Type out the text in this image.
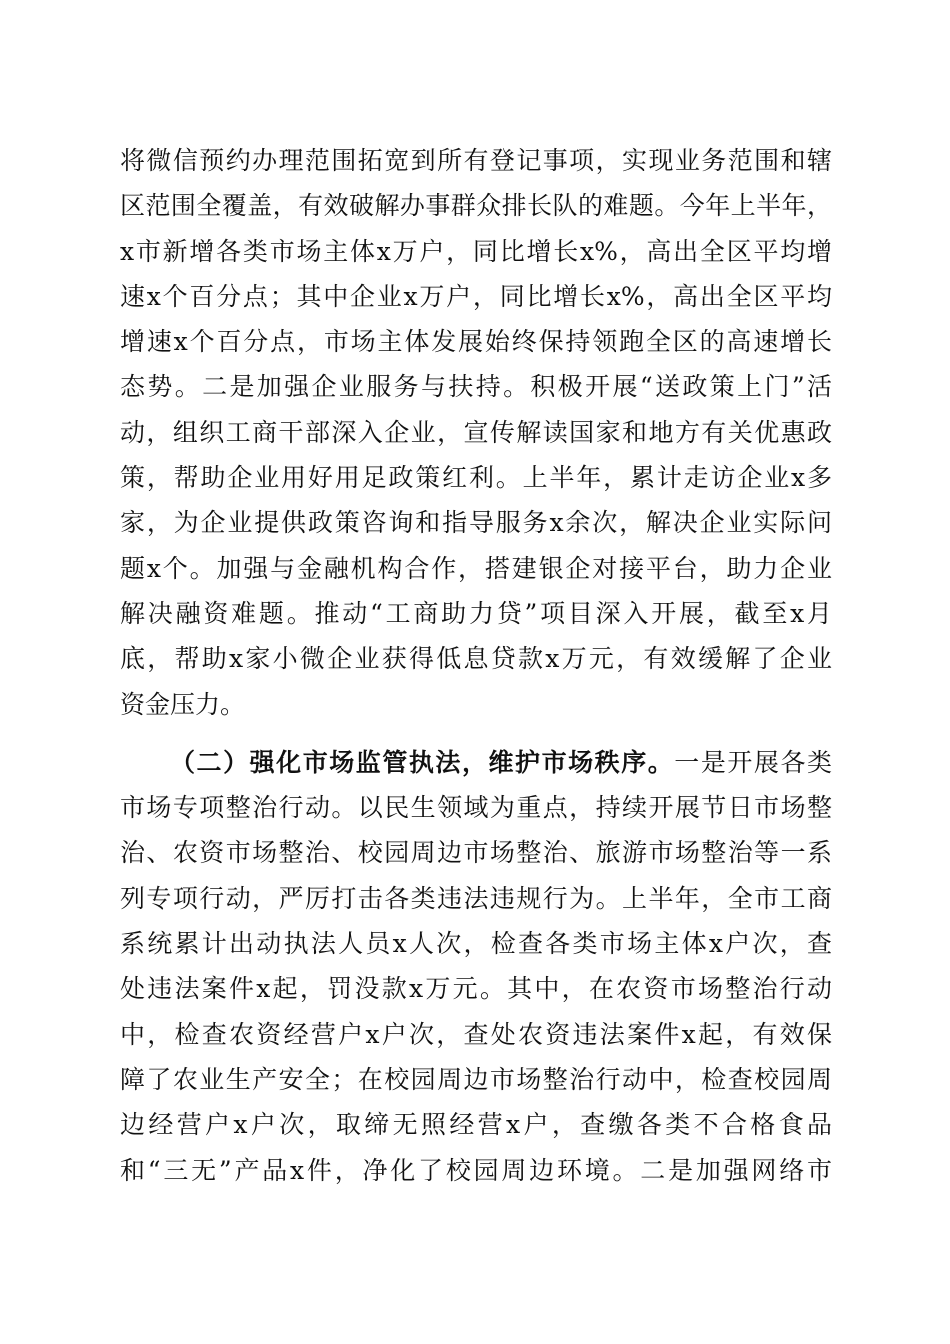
将微信预约办理范围拓宽到所有登记事项，实现业务范围和辖
区范围全覆盖，有效破解办事群众排长队的难题。今年上半年，
x市新增各类市场主体x万户，同比增长x%，高出全区平均增
速x个百分点；其中企业x万户，同比增长x%，高出全区平均
增速x个百分点，市场主体发展始终保持领跑全区的高速增长
态势。二是加强企业服务与扶持。积极开展“送政策上门”活
动，组织工商干部深入企业，宣传解读国家和地方有关优惠政
策，帮助企业用好用足政策红利。上半年，累计走访企业x多
家，为企业提供政策咨询和指导服务x余次，解决企业实际问
题x个。加强与金融机构合作，搭建银企对接平台，助力企业
解决融资难题。推动“工商助力贷”项目深入开展，截至x月
底，帮助x家小微企业获得低息贷款x万元，有效缓解了企业
资金压力。
（二）强化市场监管执法，维护市场秩序。一是开展各类
市场专项整治行动。以民生领域为重点，持续开展节日市场整
治、农资市场整治、校园周边市场整治、旅游市场整治等一系
列专项行动，严厉打击各类违法违规行为。上半年，全市工商
系统累计出动执法人员x人次，检查各类市场主体x户次，查
处违法案件x起，罚没款x万元。其中，在农资市场整治行动
中，检查农资经营户x户次，查处农资违法案件x起，有效保
障了农业生产安全；在校园周边市场整治行动中，检查校园周
边经营户x户次，取缔无照经营x户，查缴各类不合格食品
和“三无”产品x件，净化了校园周边环境。二是加强网络市
